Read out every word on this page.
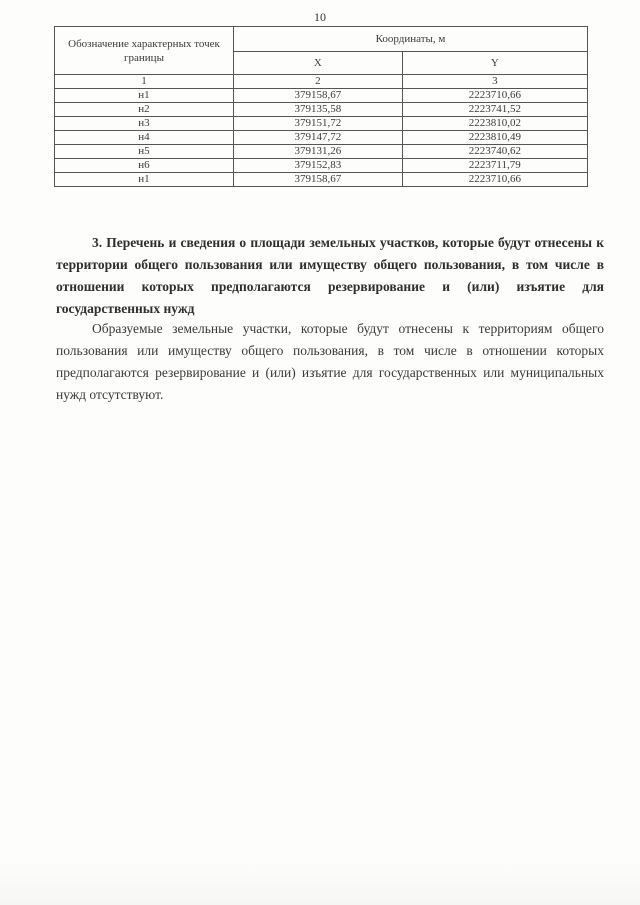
10
Обозначение характерных точек границы	Координаты, м	
	X	Y
1	2	3
н1	379158,67	2223710,66
н2	379135,58	2223741,52
н3	379151,72	2223810,02
н4	379147,72	2223810,49
н5	379131,26	2223740,62
н6	379152,83	2223711,79
н1	379158,67	2223710,66
3. Перечень и сведения о площади земельных участков, которые будут отнесены к территории общего пользования или имуществу общего пользования, в том числе в отношении которых предполагаются резервирование и (или) изъятие для государственных нужд
Образуемые земельные участки, которые будут отнесены к территориям общего пользования или имуществу общего пользования, в том числе в отношении которых предполагаются резервирование и (или) изъятие для государственных или муниципальных нужд отсутствуют.
